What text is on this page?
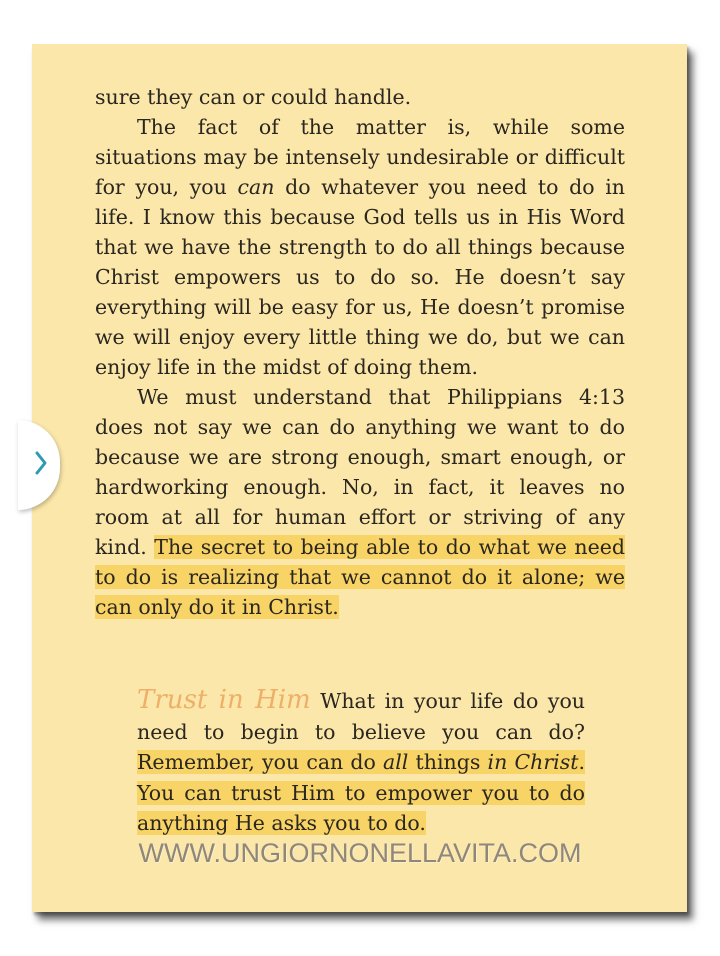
sure they can or could handle.

The fact of the matter is, while some situations may be intensely undesirable or difficult for you, you can do whatever you need to do in life. I know this because God tells us in His Word that we have the strength to do all things because Christ empowers us to do so. He doesn’t say everything will be easy for us, He doesn’t promise we will enjoy every little thing we do, but we can enjoy life in the midst of doing them.

We must understand that Philippians 4:13 does not say we can do anything we want to do because we are strong enough, smart enough, or hardworking enough. No, in fact, it leaves no room at all for human effort or striving of any kind. The secret to being able to do what we need to do is realizing that we cannot do it alone; we can only do it in Christ.

Trust in Him What in your life do you need to begin to believe you can do? Remember, you can do all things in Christ. You can trust Him to empower you to do anything He asks you to do.
WWW.UNGIORNONELLAVITA.COM
